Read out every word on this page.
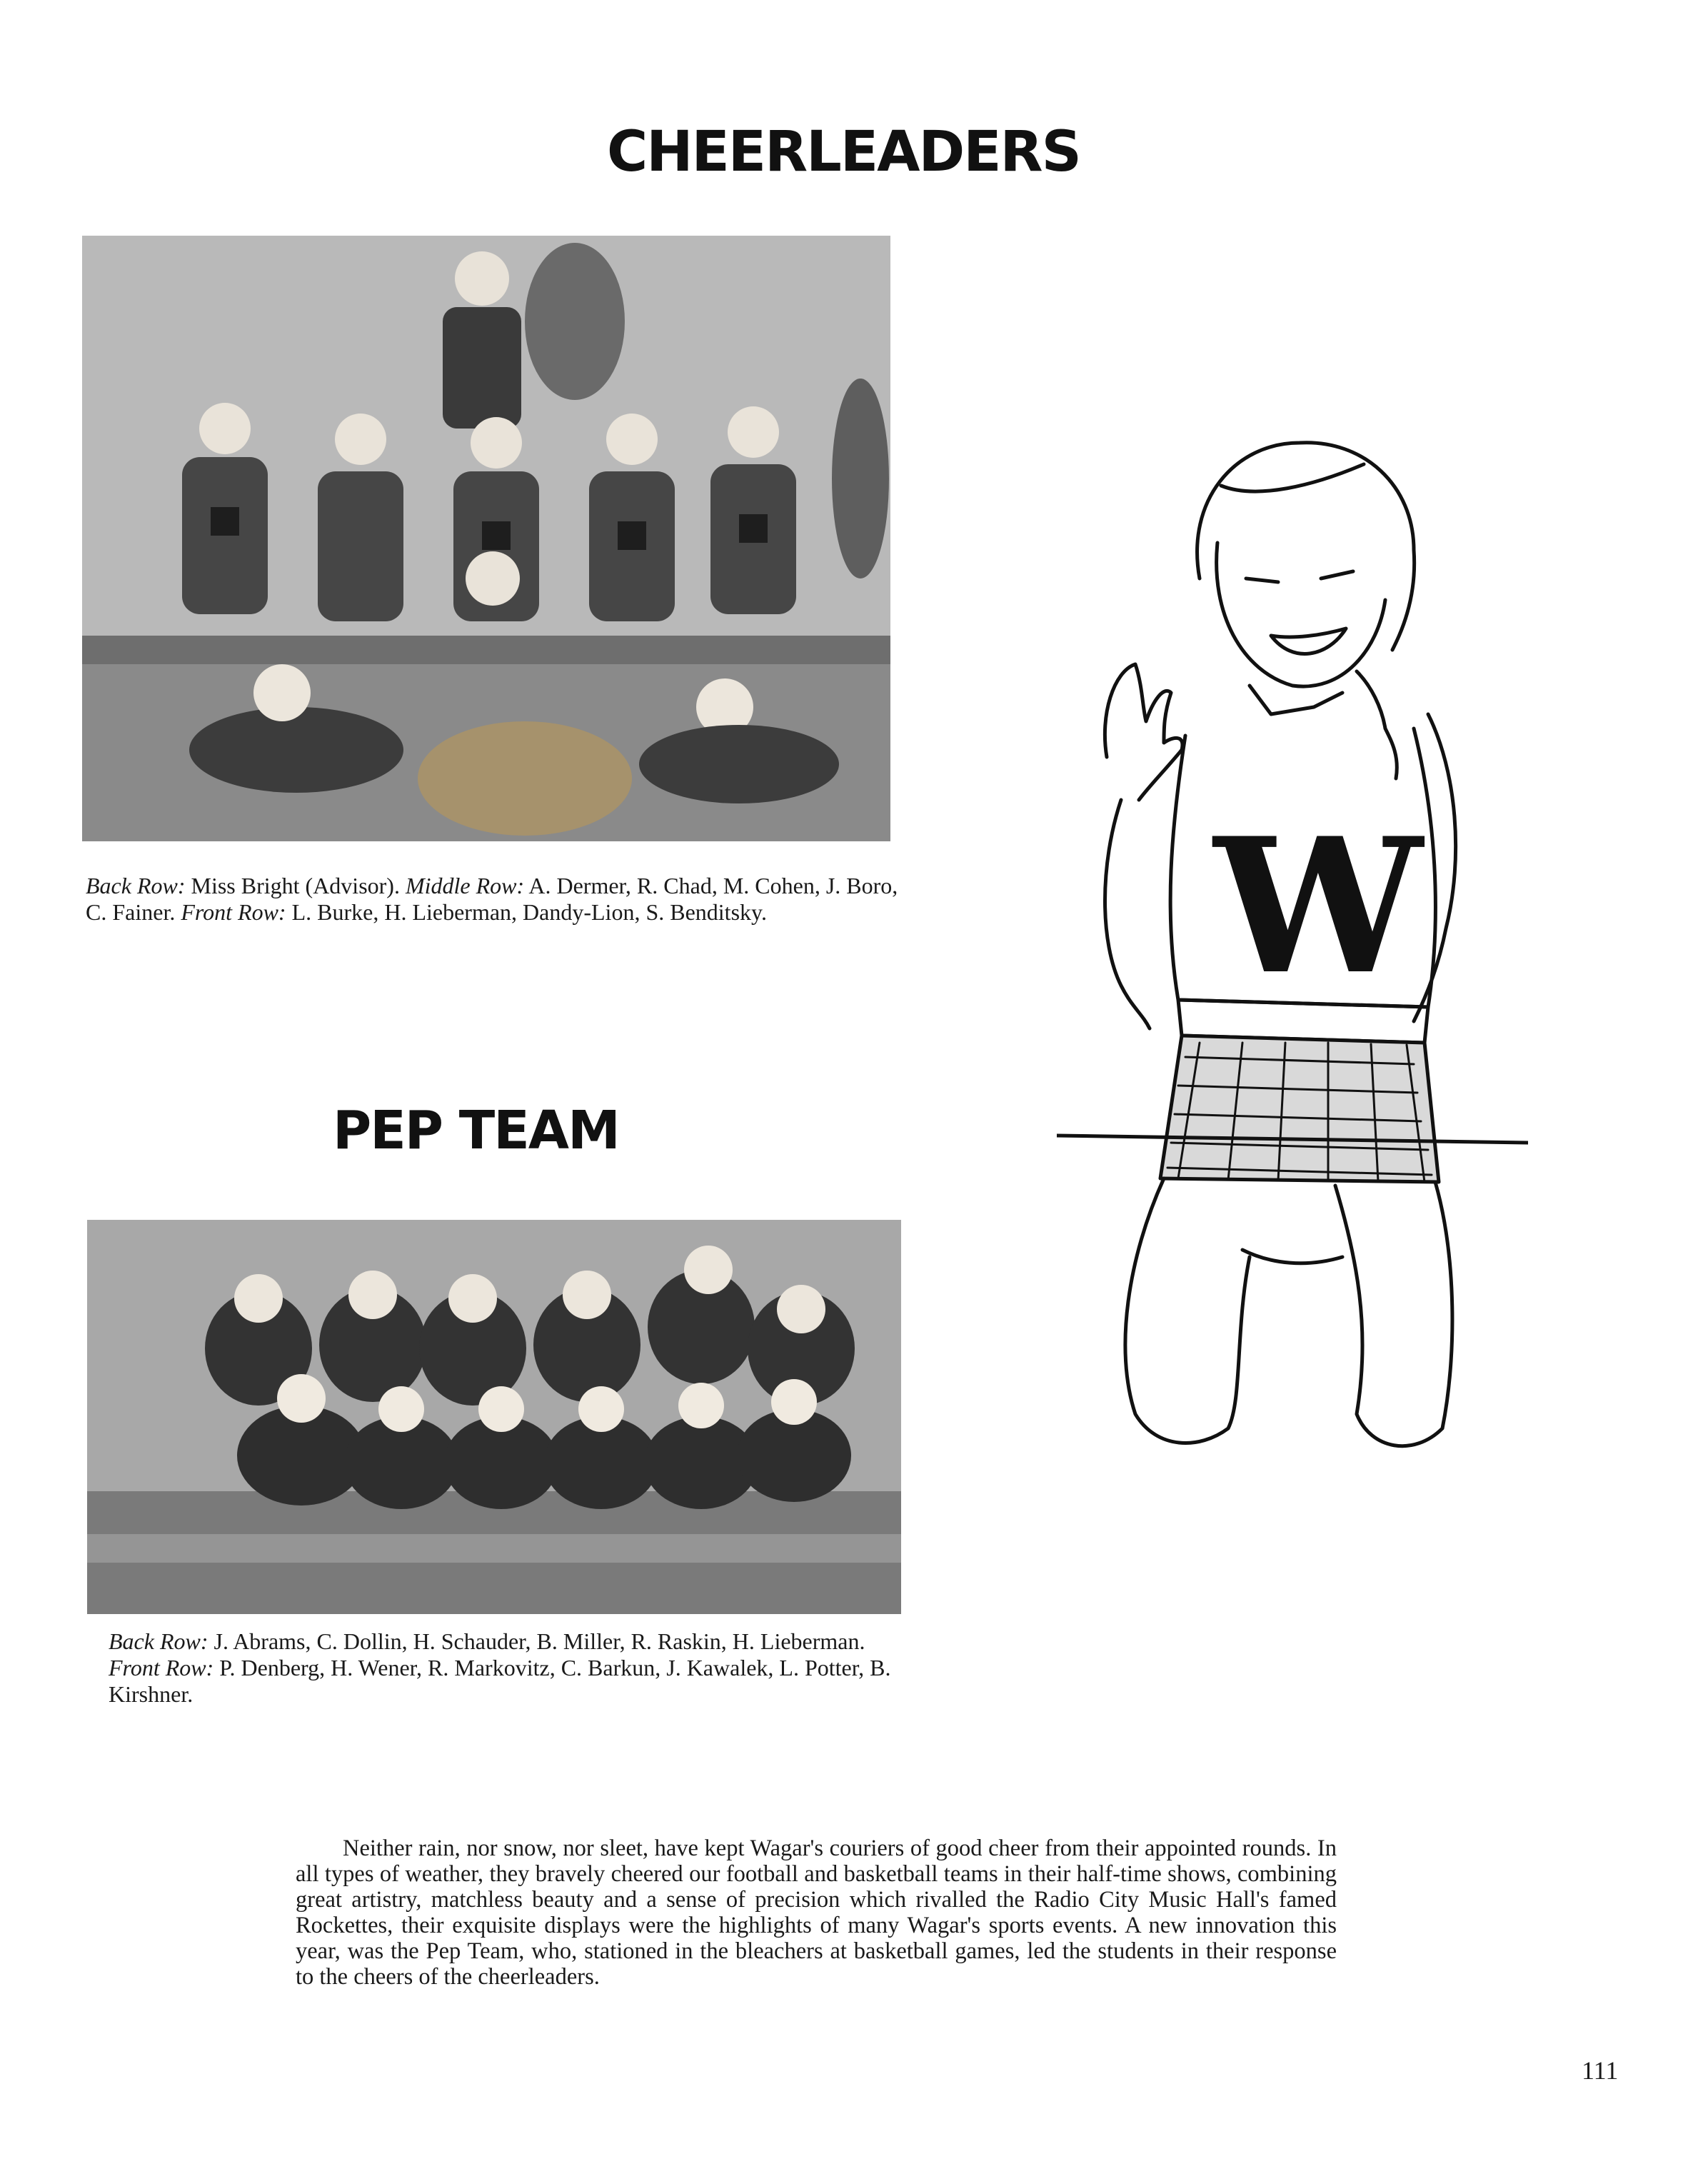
CHEERLEADERS

Back Row: Miss Bright (Advisor). Middle Row: A. Dermer, R. Chad, M. Cohen, J. Boro, C. Fainer. Front Row: L. Burke, H. Lieberman, Dandy-Lion, S. Benditsky.

PEP TEAM

Back Row: J. Abrams, C. Dollin, H. Schauder, B. Miller, R. Raskin, H. Lieberman. Front Row: P. Denberg, H. Wener, R. Markovitz, C. Barkun, J. Kawalek, L. Potter, B. Kirshner.

W

Neither rain, nor snow, nor sleet, have kept Wagar's couriers of good cheer from their appointed rounds. In all types of weather, they bravely cheered our football and basketball teams in their half-time shows, combining great artistry, matchless beauty and a sense of precision which rivalled the Radio City Music Hall's famed Rockettes, their exquisite displays were the highlights of many Wagar's sports events. A new innovation this year, was the Pep Team, who, stationed in the bleachers at basketball games, led the students in their response to the cheers of the cheerleaders.

111
